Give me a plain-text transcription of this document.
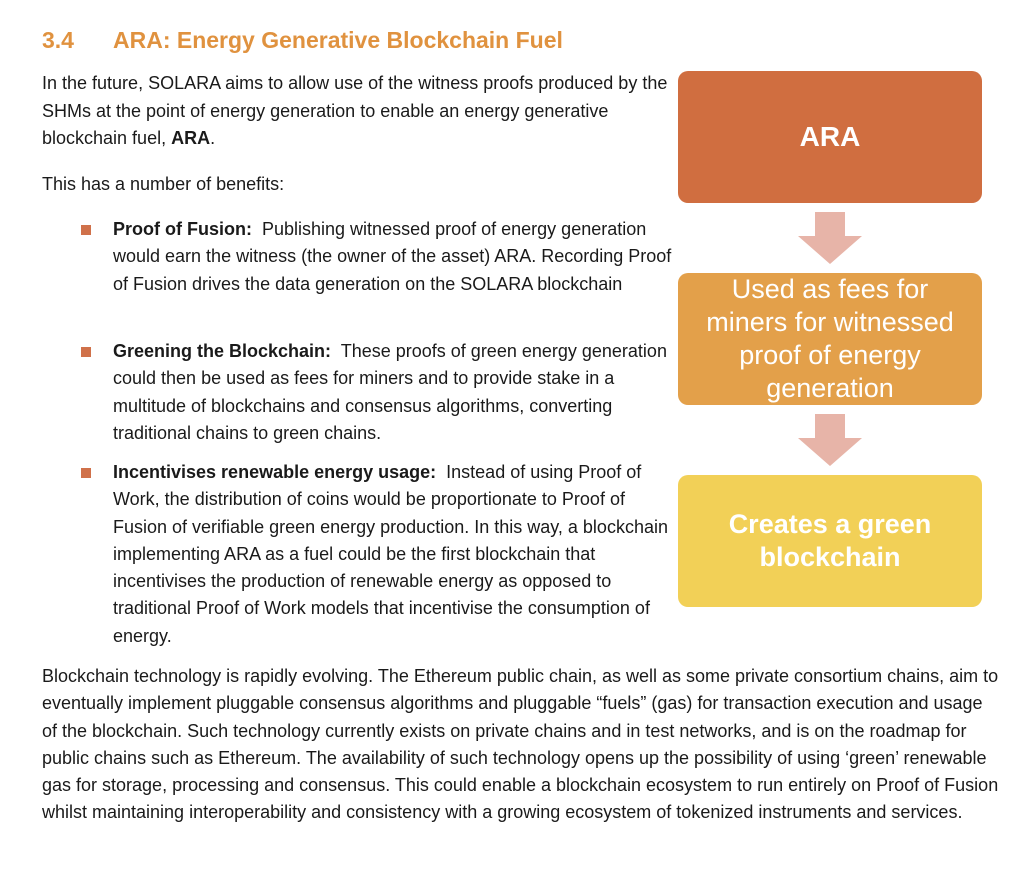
3.4 ARA: Energy Generative Blockchain Fuel

In the future, SOLARA aims to allow use of the witness proofs produced by the SHMs at the point of energy generation to enable an energy generative blockchain fuel, ARA.

This has a number of benefits:

Proof of Fusion: Publishing witnessed proof of energy generation would earn the witness (the owner of the asset) ARA. Recording Proof of Fusion drives the data generation on the SOLARA blockchain
Greening the Blockchain: These proofs of green energy generation could then be used as fees for miners and to provide stake in a multitude of blockchains and consensus algorithms, converting traditional chains to green chains.
Incentivises renewable energy usage: Instead of using Proof of Work, the distribution of coins would be proportionate to Proof of Fusion of verifiable green energy production. In this way, a blockchain implementing ARA as a fuel could be the first blockchain that incentivises the production of renewable energy as opposed to traditional Proof of Work models that incentivise the consumption of energy.
ARA
Used as fees for miners for witnessed proof of energy generation
Creates a green blockchain

Blockchain technology is rapidly evolving. The Ethereum public chain, as well as some private consortium chains, aim to eventually implement pluggable consensus algorithms and pluggable “fuels” (gas) for transaction execution and usage of the blockchain. Such technology currently exists on private chains and in test networks, and is on the roadmap for public chains such as Ethereum. The availability of such technology opens up the possibility of using ‘green’ renewable gas for storage, processing and consensus. This could enable a blockchain ecosystem to run entirely on Proof of Fusion whilst maintaining interoperability and consistency with a growing ecosystem of tokenized instruments and services.
